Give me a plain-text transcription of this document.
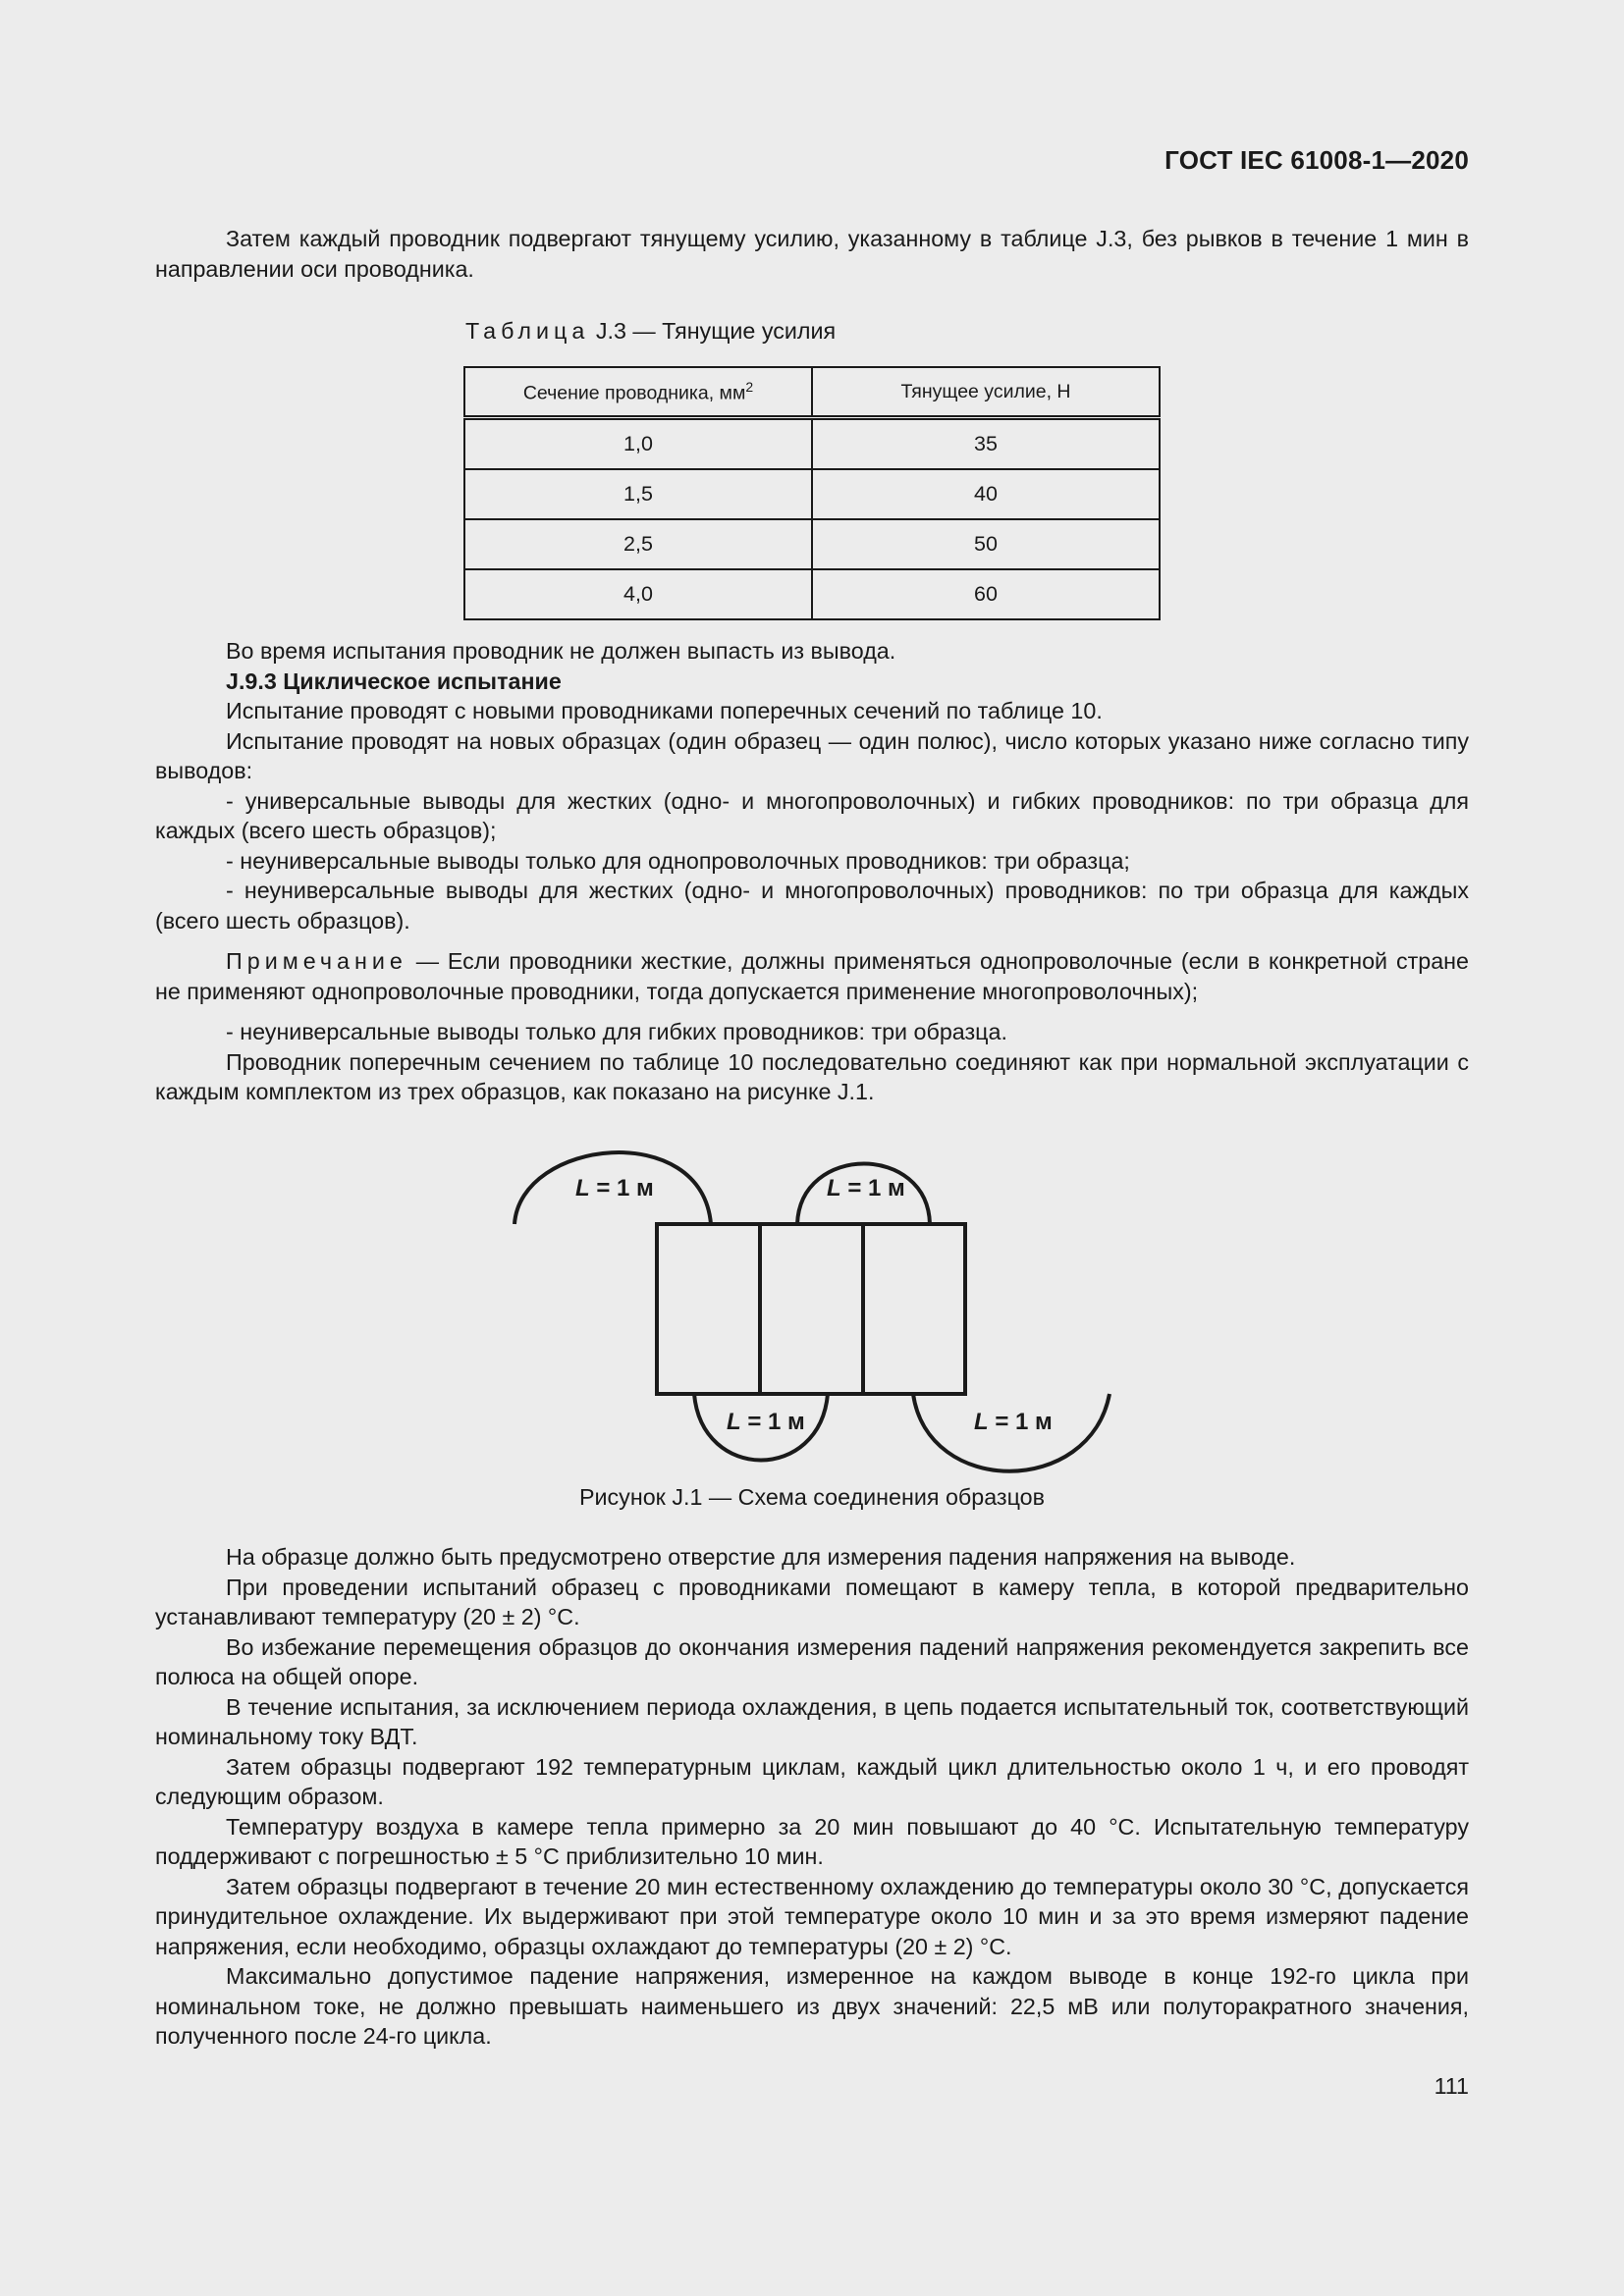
ГОСТ IEC 61008-1—2020

Затем каждый проводник подвергают тянущему усилию, указанному в таблице J.3, без рывков в течение 1 мин в направлении оси проводника.

Таблица J.3 — Тянущие усилия
Сечение проводника, $мм^2$	Тянущее усилие, Н
1,0	35
1,5	40
2,5	50
4,0	60

Во время испытания проводник не должен выпасть из вывода.

J.9.3 Циклическое испытание

Испытание проводят с новыми проводниками поперечных сечений по таблице 10.

Испытание проводят на новых образцах (один образец — один полюс), число которых указано ниже согласно типу выводов:

- универсальные выводы для жестких (одно- и многопроволочных) и гибких проводников: по три образца для каждых (всего шесть образцов);

- неуниверсальные выводы только для однопроволочных проводников: три образца;

- неуниверсальные выводы для жестких (одно- и многопроволочных) проводников: по три образца для каждых (всего шесть образцов).

Примечание — Если проводники жесткие, должны применяться однопроволочные (если в конкретной стране не применяют однопроволочные проводники, тогда допускается применение многопроволочных);

- неуниверсальные выводы только для гибких проводников: три образца.

Проводник поперечным сечением по таблице 10 последовательно соединяют как при нормальной эксплуатации с каждым комплектом из трех образцов, как показано на рисунке J.1.

L = 1 м	L = 1 м
L = 1 м	L = 1 м
Рисунок J.1 — Схема соединения образцов

На образце должно быть предусмотрено отверстие для измерения падения напряжения на выводе.

При проведении испытаний образец с проводниками помещают в камеру тепла, в которой предварительно устанавливают температуру (20 ± 2) °C.

Во избежание перемещения образцов до окончания измерения падений напряжения рекомендуется закрепить все полюса на общей опоре.

В течение испытания, за исключением периода охлаждения, в цепь подается испытательный ток, соответствующий номинальному току ВДТ.

Затем образцы подвергают 192 температурным циклам, каждый цикл длительностью около 1 ч, и его проводят следующим образом.

Температуру воздуха в камере тепла примерно за 20 мин повышают до 40 °C. Испытательную температуру поддерживают с погрешностью ± 5 °C приблизительно 10 мин.

Затем образцы подвергают в течение 20 мин естественному охлаждению до температуры около 30 °C, допускается принудительное охлаждение. Их выдерживают при этой температуре около 10 мин и за это время измеряют падение напряжения, если необходимо, образцы охлаждают до температуры (20 ± 2) °C.

Максимально допустимое падение напряжения, измеренное на каждом выводе в конце 192-го цикла при номинальном токе, не должно превышать наименьшего из двух значений: 22,5 мВ или полуторакратного значения, полученного после 24-го цикла.

111
